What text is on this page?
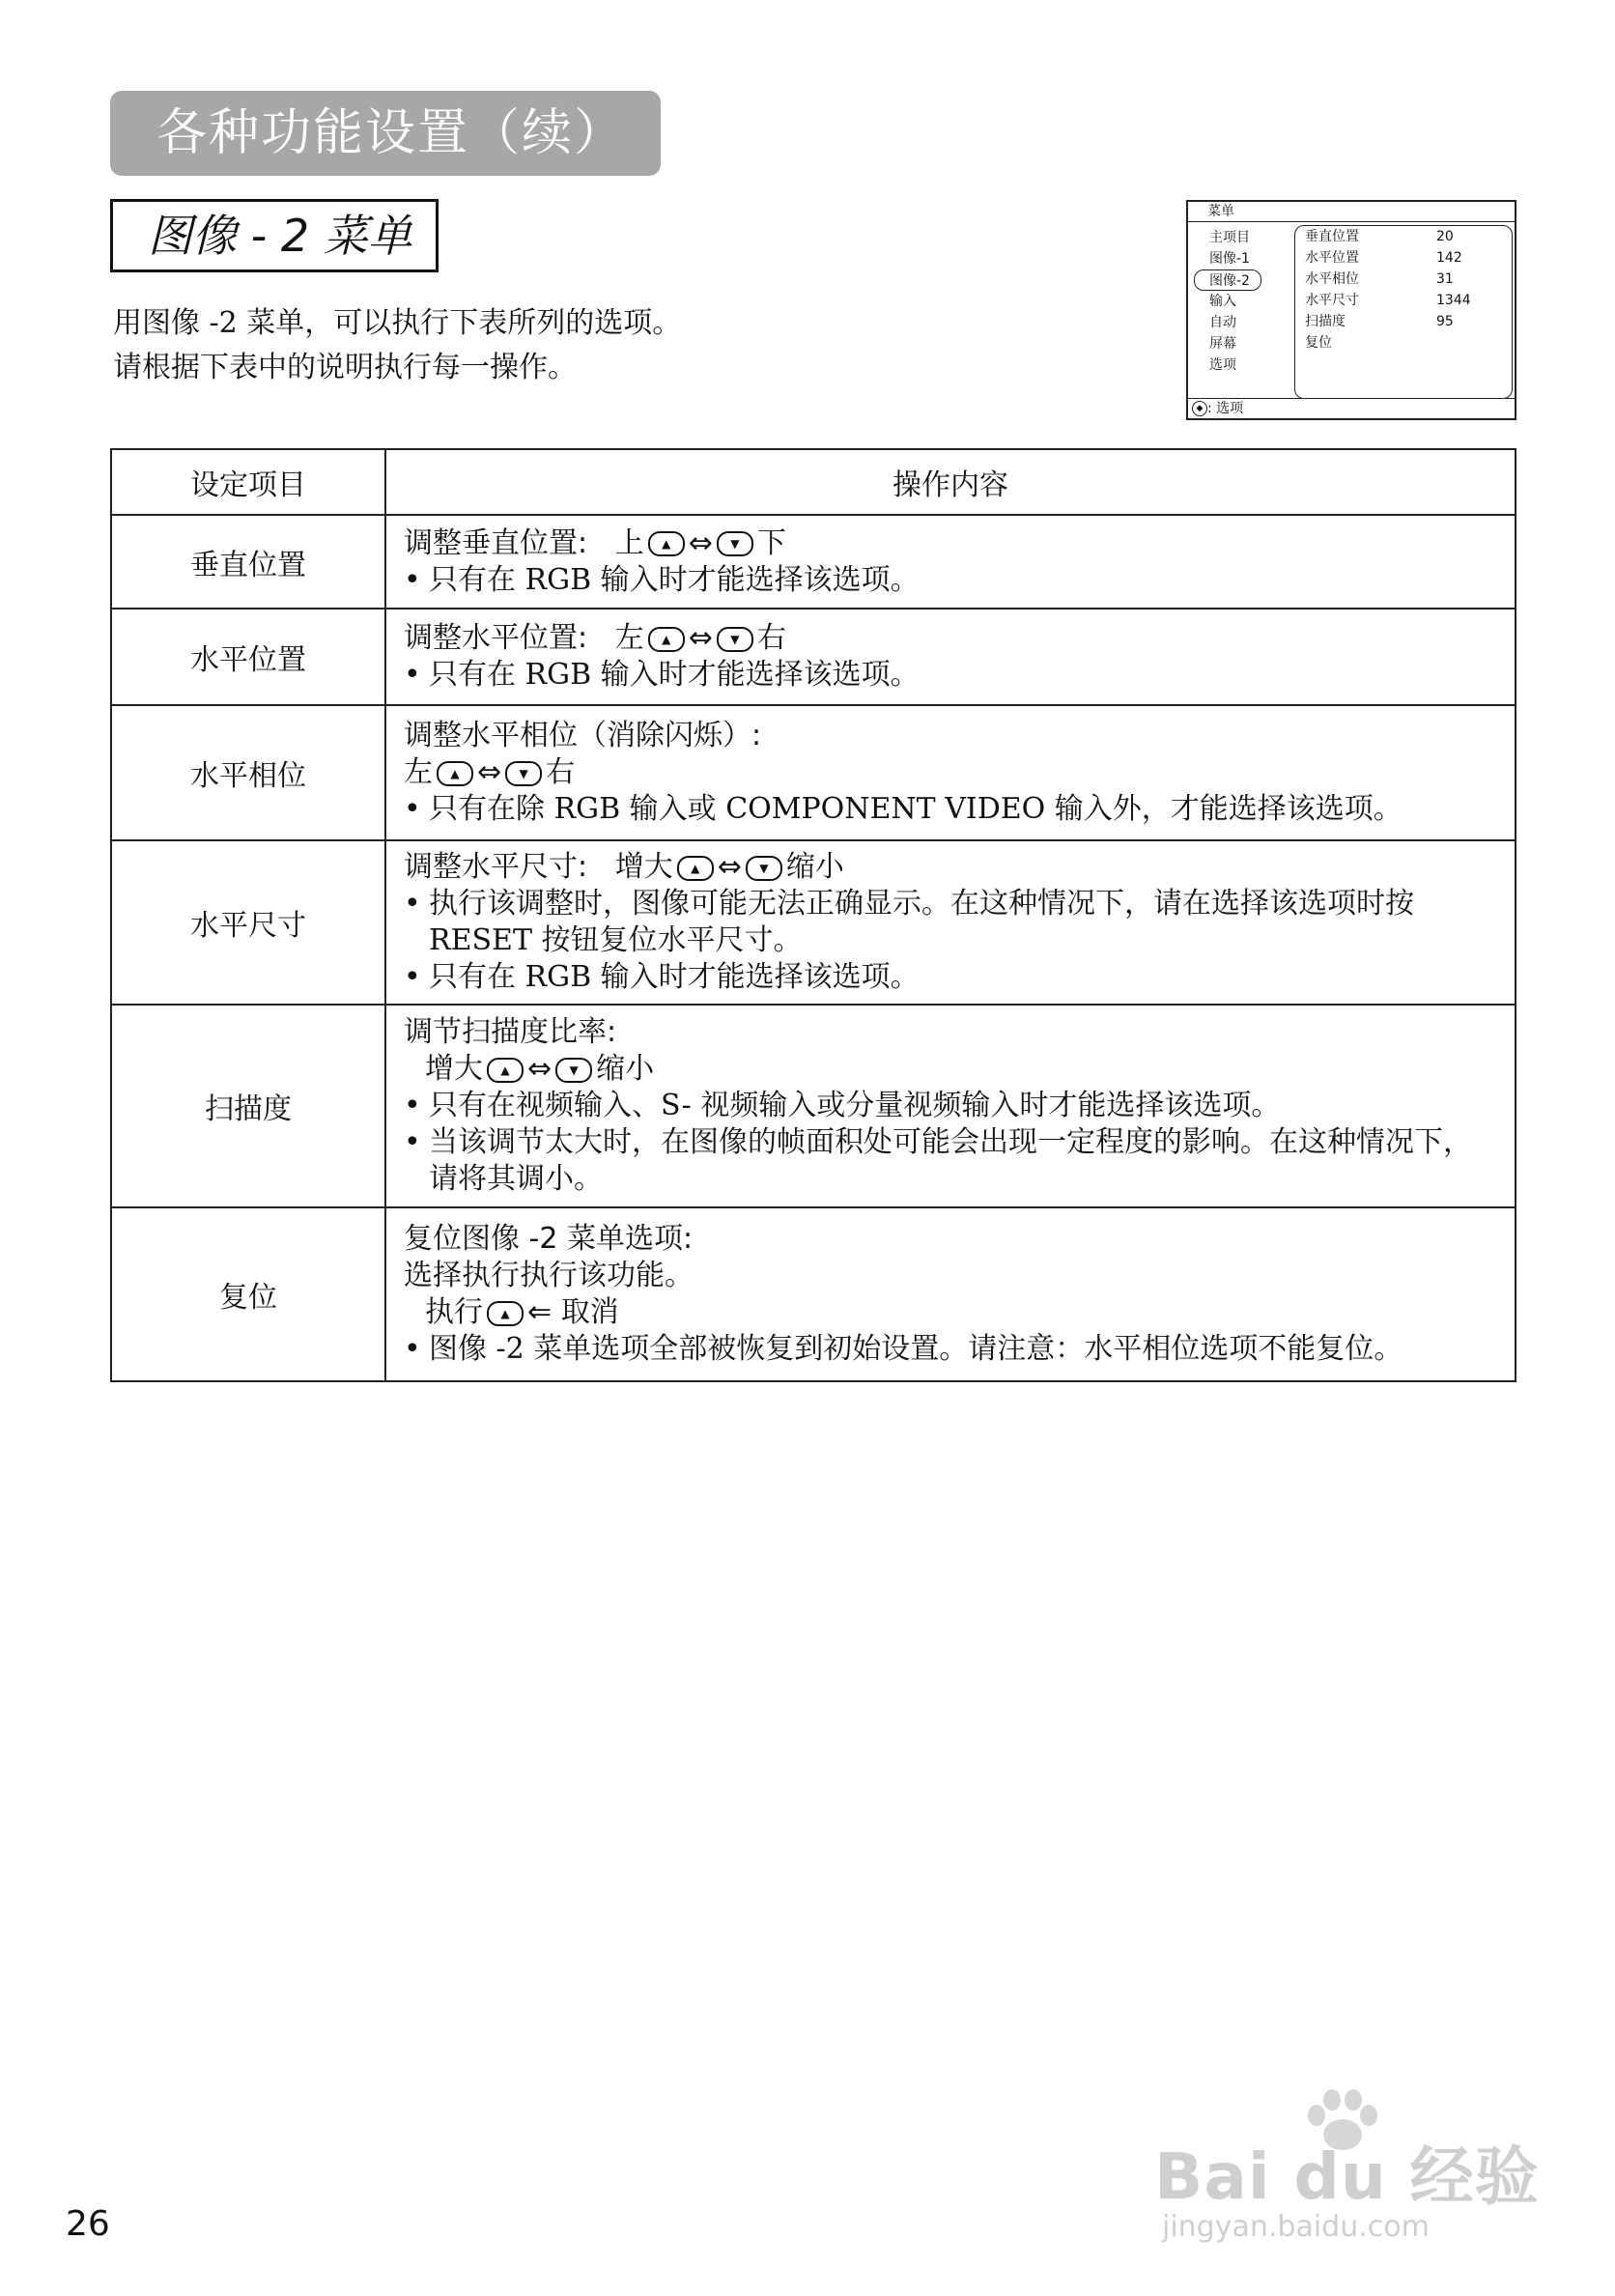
各种功能设置（续）
图像 - 2 菜单
用图像 -2 菜单，可以执行下表所列的选项。
请根据下表中的说明执行每一操作。
菜单
主项目
图像-1
图像-2
输入
自动
屏幕
选项
垂直位置	20
水平位置	142
水平相位	31
水平尺寸	1344
扫描度	95
复位
◆ : 选项
设定项目	操作内容
垂直位置	调整垂直位置: 上 ▲ ⇔ ▼ 下
• 只有在 RGB 输入时才能选择该选项。

水平位置	调整水平位置: 左 ▲ ⇔ ▼ 右
• 只有在 RGB 输入时才能选择该选项。

水平相位	调整水平相位（消除闪烁）:
左 ▲ ⇔ ▼ 右
• 只有在除 RGB 输入或 COMPONENT VIDEO 输入外，才能选择该选项。

水平尺寸	调整水平尺寸: 增大 ▲ ⇔ ▼ 缩小
• 执行该调整时，图像可能无法正确显示。在这种情况下，请在选择该选项时按 RESET 按钮复位水平尺寸。
• 只有在 RGB 输入时才能选择该选项。

扫描度	调节扫描度比率:
增大 ▲ ⇔ ▼ 缩小
• 只有在视频输入、S- 视频输入或分量视频输入时才能选择该选项。
• 当该调节太大时，在图像的帧面积处可能会出现一定程度的影响。在这种情况下，请将其调小。

复位	复位图像 -2 菜单选项:
选择执行执行该功能。
执行 ▲ ⇐ 取消
• 图像 -2 菜单选项全部被恢复到初始设置。请注意：水平相位选项不能复位。
26
Bai du 经验
jingyan.baidu.com
